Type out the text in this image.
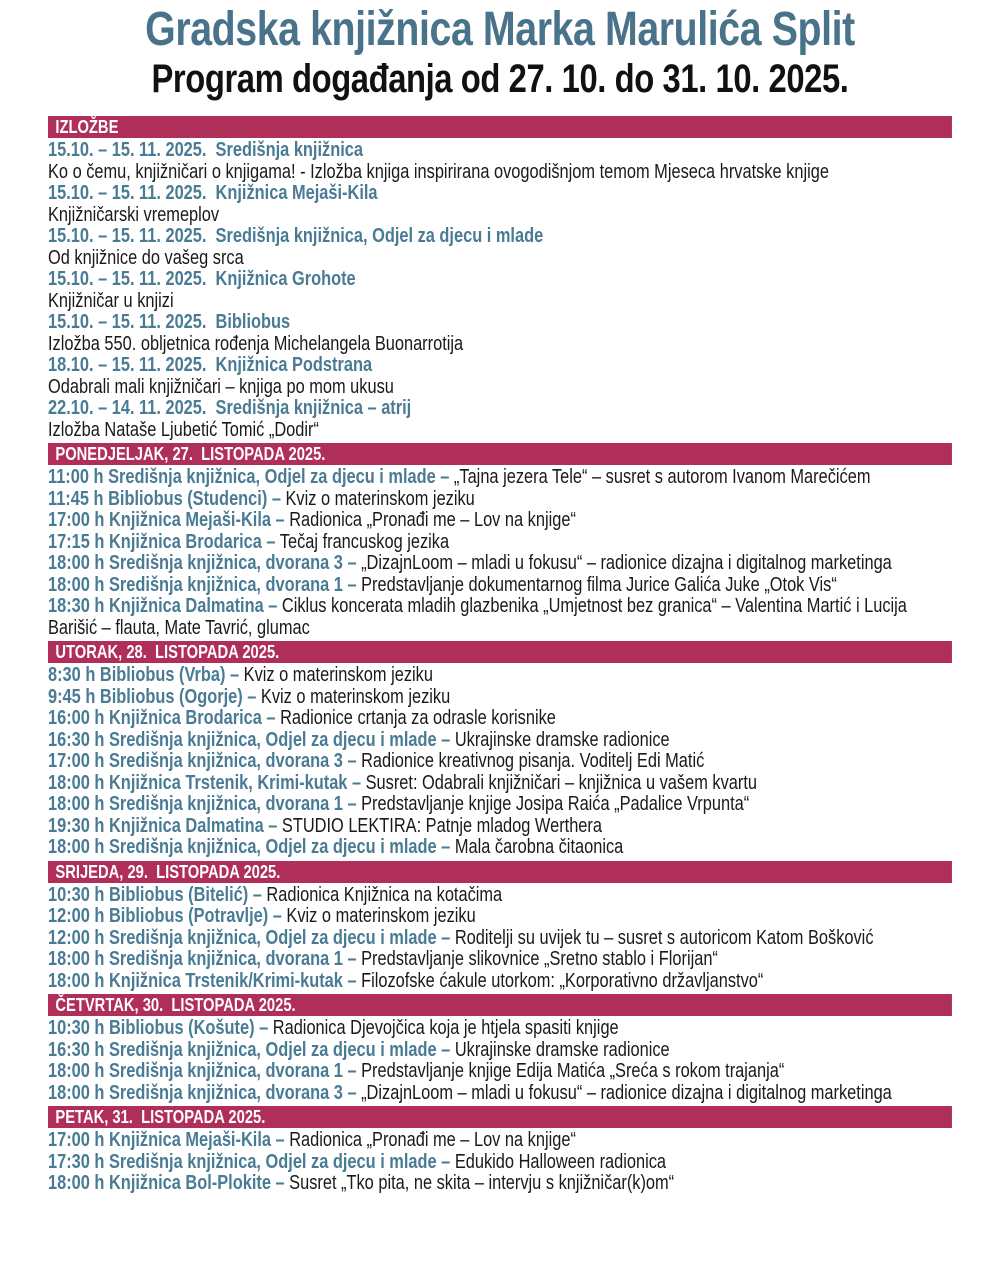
Gradska knjižnica Marka Marulića Split
Program događanja od 27. 10. do 31. 10. 2025.
IZLOŽBE
15.10. – 15. 11. 2025.  Središnja knjižnica
Ko o čemu, knjižničari o knjigama! - Izložba knjiga inspirirana ovogodišnjom temom Mjeseca hrvatske knjige
15.10. – 15. 11. 2025.  Knjižnica Mejaši-Kila
Knjižničarski vremeplov
15.10. – 15. 11. 2025.  Središnja knjižnica, Odjel za djecu i mlade
Od knjižnice do vašeg srca
15.10. – 15. 11. 2025.  Knjižnica Grohote
Knjižničar u knjizi
15.10. – 15. 11. 2025.  Bibliobus
Izložba 550. obljetnica rođenja Michelangela Buonarrotija
18.10. – 15. 11. 2025.  Knjižnica Podstrana
Odabrali mali knjižničari – knjiga po mom ukusu
22.10. – 14. 11. 2025.  Središnja knjižnica – atrij
Izložba Nataše Ljubetić Tomić „Dodir“
PONEDJELJAK, 27.  LISTOPADA 2025.
11:00 h Središnja knjižnica, Odjel za djecu i mlade – „Tajna jezera Tele“ – susret s autorom Ivanom Marečićem
11:45 h Bibliobus (Studenci) – Kviz o materinskom jeziku
17:00 h Knjižnica Mejaši-Kila – Radionica „Pronađi me – Lov na knjige“
17:15 h Knjižnica Brodarica – Tečaj francuskog jezika
18:00 h Središnja knjižnica, dvorana 3 – „DizajnLoom – mladi u fokusu“ – radionice dizajna i digitalnog marketinga
18:00 h Središnja knjižnica, dvorana 1 – Predstavljanje dokumentarnog filma Jurice Galića Juke „Otok Vis“
18:30 h Knjižnica Dalmatina – Ciklus koncerata mladih glazbenika „Umjetnost bez granica“ – Valentina Martić i Lucija Barišić – flauta, Mate Tavrić, glumac
UTORAK, 28.  LISTOPADA 2025.
8:30 h Bibliobus (Vrba) – Kviz o materinskom jeziku
9:45 h Bibliobus (Ogorje) – Kviz o materinskom jeziku
16:00 h Knjižnica Brodarica – Radionice crtanja za odrasle korisnike
16:30 h Središnja knjižnica, Odjel za djecu i mlade – Ukrajinske dramske radionice
17:00 h Središnja knjižnica, dvorana 3 – Radionice kreativnog pisanja. Voditelj Edi Matić
18:00 h Knjižnica Trstenik, Krimi-kutak – Susret: Odabrali knjižničari – knjižnica u vašem kvartu
18:00 h Središnja knjižnica, dvorana 1 – Predstavljanje knjige Josipa Raića „Padalice Vrpunta“
19:30 h Knjižnica Dalmatina – STUDIO LEKTIRA: Patnje mladog Werthera
18:00 h Središnja knjižnica, Odjel za djecu i mlade – Mala čarobna čitaonica
SRIJEDA, 29.  LISTOPADA 2025.
10:30 h Bibliobus (Bitelić) – Radionica Knjižnica na kotačima
12:00 h Bibliobus (Potravlje) – Kviz o materinskom jeziku
12:00 h Središnja knjižnica, Odjel za djecu i mlade – Roditelji su uvijek tu – susret s autoricom Katom Bošković
18:00 h Središnja knjižnica, dvorana 1 – Predstavljanje slikovnice „Sretno stablo i Florijan“
18:00 h Knjižnica Trstenik/Krimi-kutak – Filozofske ćakule utorkom: „Korporativno državljanstvo“
ČETVRTAK, 30.  LISTOPADA 2025.
10:30 h Bibliobus (Košute) – Radionica Djevojčica koja je htjela spasiti knjige
16:30 h Središnja knjižnica, Odjel za djecu i mlade – Ukrajinske dramske radionice
18:00 h Središnja knjižnica, dvorana 1 – Predstavljanje knjige Edija Matića „Sreća s rokom trajanja“
18:00 h Središnja knjižnica, dvorana 3 – „DizajnLoom – mladi u fokusu“ – radionice dizajna i digitalnog marketinga
PETAK, 31.  LISTOPADA 2025.
17:00 h Knjižnica Mejaši-Kila – Radionica „Pronađi me – Lov na knjige“
17:30 h Središnja knjižnica, Odjel za djecu i mlade – Edukido Halloween radionica
18:00 h Knjižnica Bol-Plokite – Susret „Tko pita, ne skita – intervju s knjižničar(k)om“
